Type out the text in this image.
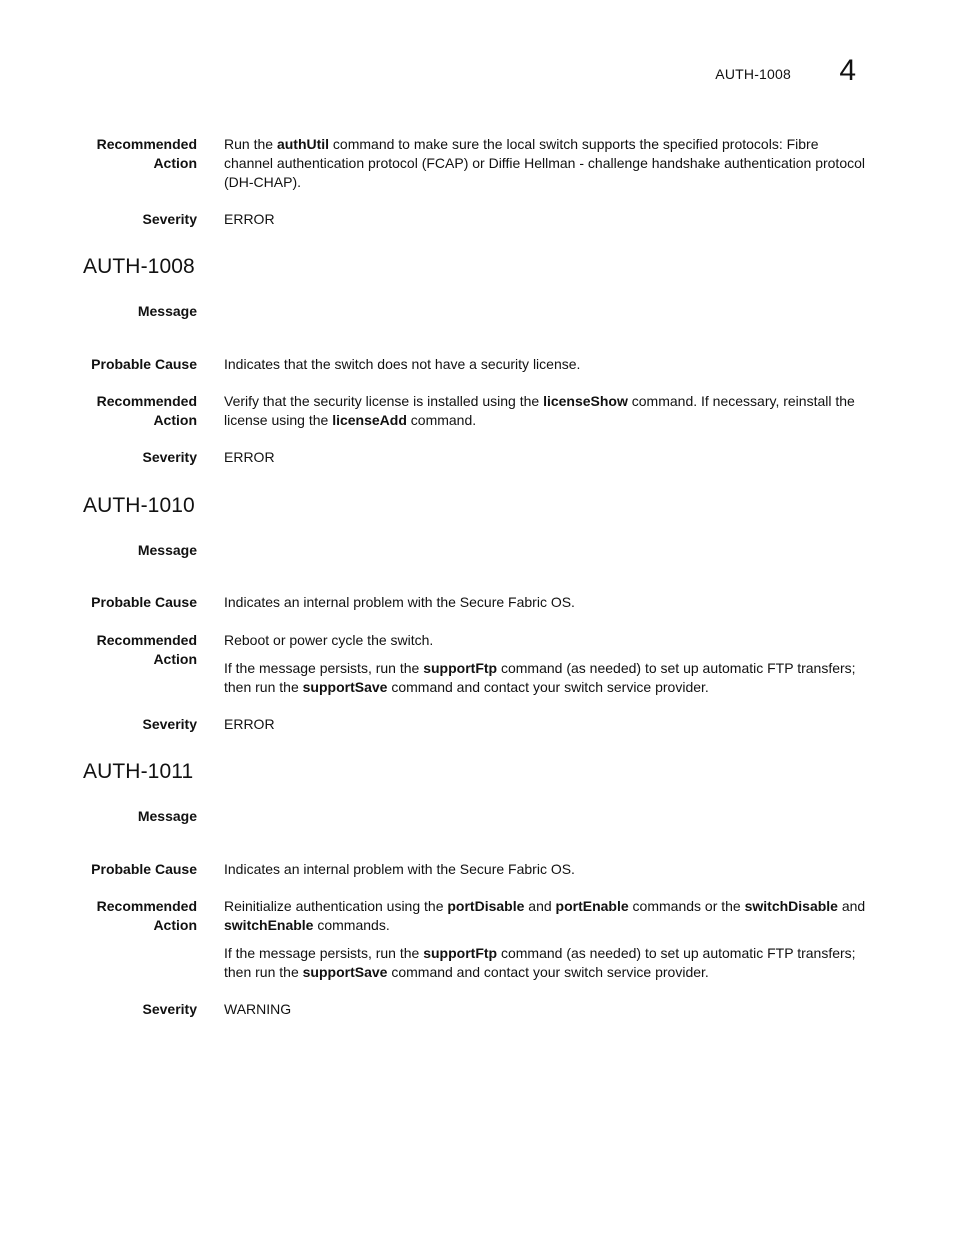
AUTH-1008 4
Recommended
Action

Run the authUtil command to make sure the local switch supports the specified protocols: Fibre channel authentication protocol (FCAP) or Diffie Hellman - challenge handshake authentication protocol (DH-CHAP).

Severity ERROR
AUTH-1008
Message
Probable Cause Indicates that the switch does not have a security license.
Recommended
Action

Verify that the security license is installed using the licenseShow command. If necessary, reinstall the license using the licenseAdd command.

Severity ERROR
AUTH-1010
Message
Probable Cause Indicates an internal problem with the Secure Fabric OS.
Recommended
Action

Reboot or power cycle the switch.

If the message persists, run the supportFtp command (as needed) to set up automatic FTP transfers; then run the supportSave command and contact your switch service provider.

Severity ERROR
AUTH-1011
Message
Probable Cause Indicates an internal problem with the Secure Fabric OS.
Recommended
Action

Reinitialize authentication using the portDisable and portEnable commands or the switchDisable and switchEnable commands.

If the message persists, run the supportFtp command (as needed) to set up automatic FTP transfers; then run the supportSave command and contact your switch service provider.

Severity WARNING
